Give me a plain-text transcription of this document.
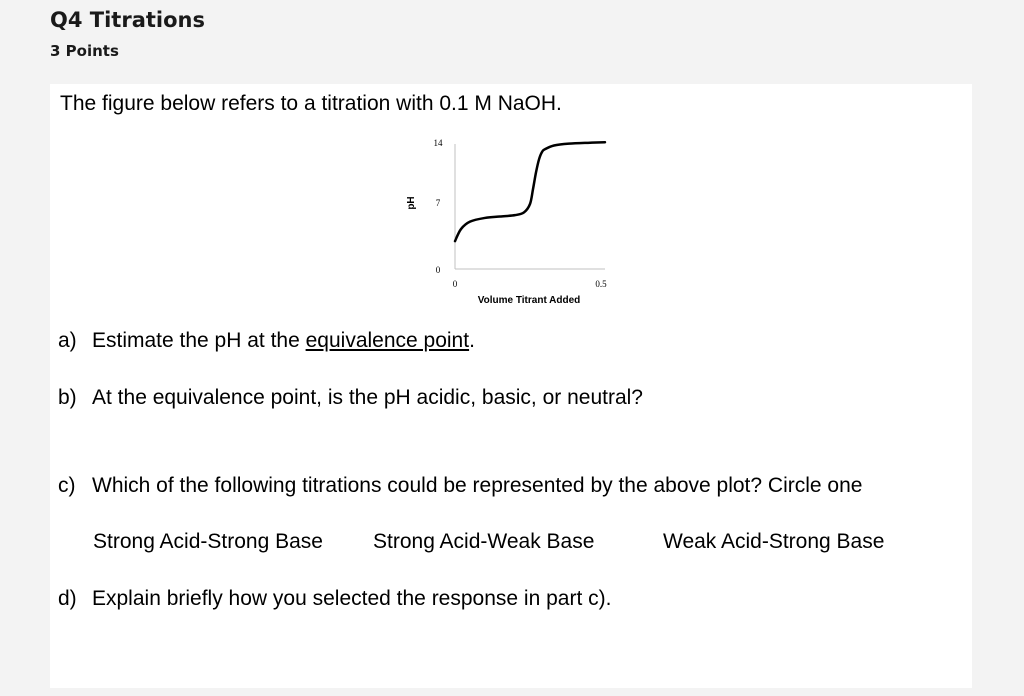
Q4 Titrations
3 Points
The figure below refers to a titration with 0.1 M NaOH.
14
7
0
pH
0	0.5
Volume Titrant Added
a) Estimate the pH at the equivalence point.
b) At the equivalence point, is the pH acidic, basic, or neutral?
c) Which of the following titrations could be represented by the above plot? Circle one
Strong Acid-Strong Base Strong Acid-Weak Base	Weak Acid-Strong Base
d) Explain briefly how you selected the response in part c).
